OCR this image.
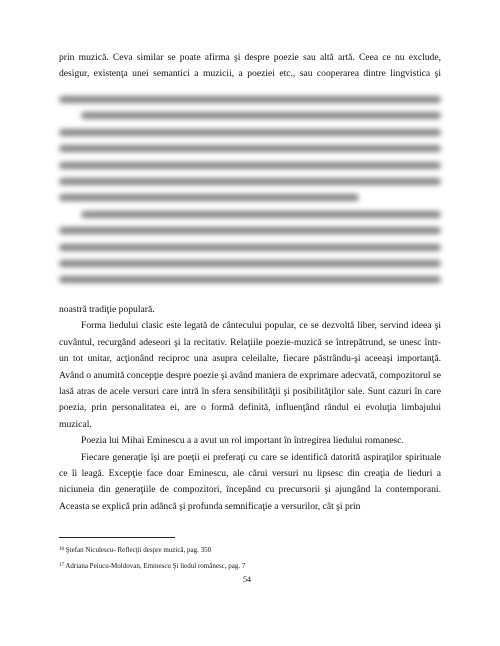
prin muzică. Ceva similar se poate afirma şi despre poezie sau altă artă. Ceea ce nu exclude,
desigur, existenţa unei semantici a muzicii, a poeziei etc., sau cooperarea dintre lingvistica şi
noastră tradiţie populară.
Forma liedului clasic este legată de cântecului popular, ce se dezvoltă liber, servind ideea şi cuvântul, recurgând adeseori şi la recitativ. Relaţiile poezie-muzică se întrepătrund, se unesc într-un tot unitar, acţionând reciproc una asupra celeilalte, fiecare păstrându-şi aceeaşi importanţă. Având o anumită concepţie despre poezie şi având maniera de exprimare adecvată, compozitorul se lasă atras de acele versuri care intră în sfera sensibilităţii şi posibilităţilor sale. Sunt cazuri în care poezia, prin personalitatea ei, are o formă definită, influenţând rândul ei evoluţia limbajului muzical.
Poezia lui Mihai Eminescu a a avut un rol important în întregirea liedului romanesc.
Fiecare generaţie îşi are poeţii ei preferaţi cu care se identifică datorită aspiraţilor spirituale ce îi leagă. Excepţie face doar Eminescu, ale cărui versuri nu lipsesc din creaţia de lieduri a niciuneia din generaţiile de compozitori, începând cu precursorii şi ajungând la contemporani. Aceasta se explică prin adâncă şi profunda semnificaţie a versurilor, cât şi prin
$^{16}$ Ştefan Niculescu- Reflecţii despre muzică, pag. 350
$^{17}$ Adriana Peiucu-Moldovan, Eminescu Şi liedul românesc, pag. 7
54
